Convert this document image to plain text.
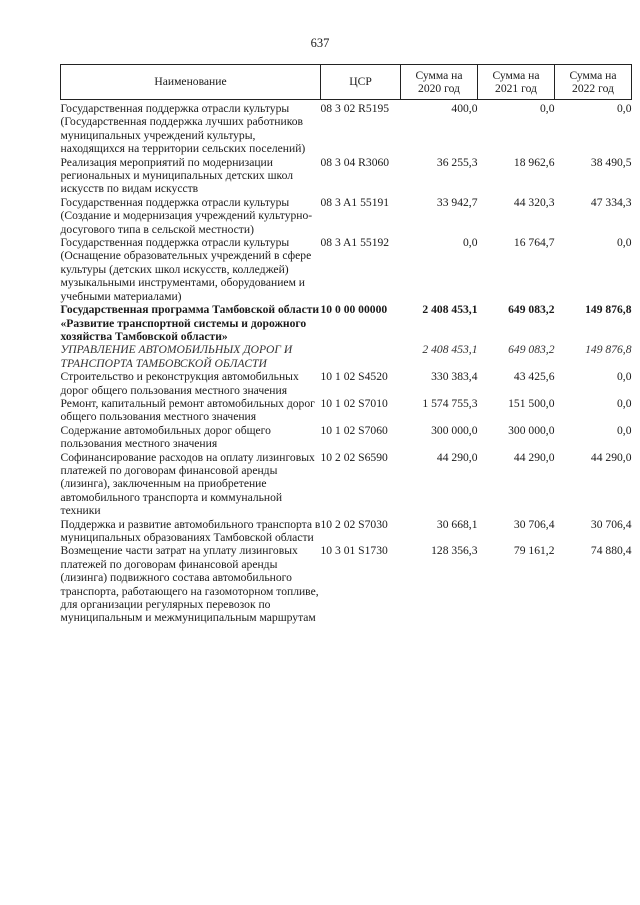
637
Наименование	ЦСР	Сумма на 2020 год	Сумма на 2021 год	Сумма на 2022 год
Государственная поддержка отрасли культуры (Государственная поддержка лучших работников муниципальных учреждений культуры, находящихся на территории сельских поселений)	08 3 02 R5195	400,0	0,0	0,0
Реализация мероприятий по модернизации региональных и муниципальных детских школ искусств по видам искусств	08 3 04 R3060	36 255,3	18 962,6	38 490,5
Государственная поддержка отрасли культуры (Создание и модернизация учреждений культурно-досугового типа в сельской местности)	08 3 A1 55191	33 942,7	44 320,3	47 334,3
Государственная поддержка отрасли культуры (Оснащение образовательных учреждений в сфере культуры (детских школ искусств, колледжей) музыкальными инструментами, оборудованием и учебными материалами)	08 3 A1 55192	0,0	16 764,7	0,0
Государственная программа Тамбовской области «Развитие транспортной системы и дорожного хозяйства Тамбовской области»	10 0 00 00000	2 408 453,1	649 083,2	149 876,8
УПРАВЛЕНИЕ АВТОМОБИЛЬНЫХ ДОРОГ И ТРАНСПОРТА ТАМБОВСКОЙ ОБЛАСТИ		2 408 453,1	649 083,2	149 876,8
Строительство и реконструкция автомобильных дорог общего пользования местного значения	10 1 02 S4520	330 383,4	43 425,6	0,0
Ремонт, капитальный ремонт автомобильных дорог общего пользования местного значения	10 1 02 S7010	1 574 755,3	151 500,0	0,0
Содержание автомобильных дорог общего пользования местного значения	10 1 02 S7060	300 000,0	300 000,0	0,0
Софинансирование расходов на оплату лизинговых платежей по договорам финансовой аренды (лизинга), заключенным на приобретение автомобильного транспорта и коммунальной техники	10 2 02 S6590	44 290,0	44 290,0	44 290,0
Поддержка и развитие автомобильного транспорта в муниципальных образованиях Тамбовской области	10 2 02 S7030	30 668,1	30 706,4	30 706,4
Возмещение части затрат на уплату лизинговых платежей по договорам финансовой аренды (лизинга) подвижного состава автомобильного транспорта, работающего на газомоторном топливе, для организации регулярных перевозок по муниципальным и межмуниципальным маршрутам	10 3 01 S1730	128 356,3	79 161,2	74 880,4
